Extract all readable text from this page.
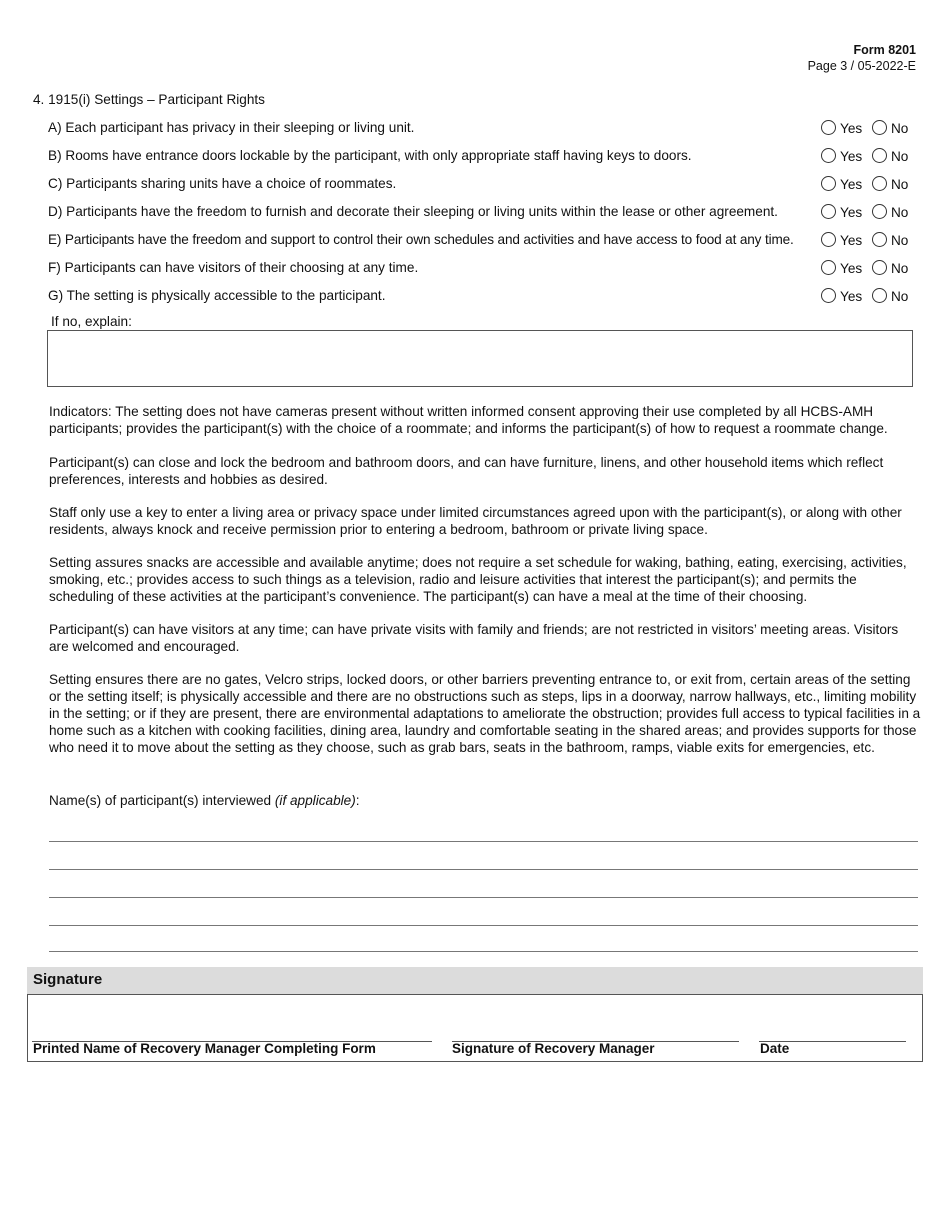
Form 8201
Page 3 / 05-2022-E
4. 1915(i) Settings – Participant Rights
A) Each participant has privacy in their sleeping or living unit.	Yes No
B) Rooms have entrance doors lockable by the participant, with only appropriate staff having keys to doors.	Yes No
C) Participants sharing units have a choice of roommates.	Yes No
D) Participants have the freedom to furnish and decorate their sleeping or living units within the lease or other agreement.	Yes No
E) Participants have the freedom and support to control their own schedules and activities and have access to food at any time.	Yes No
F) Participants can have visitors of their choosing at any time.	Yes No
G) The setting is physically accessible to the participant.	Yes No
If no, explain:

Indicators: The setting does not have cameras present without written informed consent approving their use completed by all HCBS-AMH participants; provides the participant(s) with the choice of a roommate; and informs the participant(s) of how to request a roommate change.

Participant(s) can close and lock the bedroom and bathroom doors, and can have furniture, linens, and other household items which reflect preferences, interests and hobbies as desired.

Staff only use a key to enter a living area or privacy space under limited circumstances agreed upon with the participant(s), or along with other residents, always knock and receive permission prior to entering a bedroom, bathroom or private living space.

Setting assures snacks are accessible and available anytime; does not require a set schedule for waking, bathing, eating, exercising, activities, smoking, etc.; provides access to such things as a television, radio and leisure activities that interest the participant(s); and permits the scheduling of these activities at the participant’s convenience. The participant(s) can have a meal at the time of their choosing.

Participant(s) can have visitors at any time; can have private visits with family and friends; are not restricted in visitors’ meeting areas. Visitors are welcomed and encouraged.

Setting ensures there are no gates, Velcro strips, locked doors, or other barriers preventing entrance to, or exit from, certain areas of the setting or the setting itself; is physically accessible and there are no obstructions such as steps, lips in a doorway, narrow hallways, etc., limiting mobility in the setting; or if they are present, there are environmental adaptations to ameliorate the obstruction; provides full access to typical facilities in a home such as a kitchen with cooking facilities, dining area, laundry and comfortable seating in the shared areas; and provides supports for those who need it to move about the setting as they choose, such as grab bars, seats in the bathroom, ramps, viable exits for emergencies, etc.

Name(s) of participant(s) interviewed (if applicable):
Signature
Printed Name of Recovery Manager Completing Form	Signature of Recovery Manager	Date
